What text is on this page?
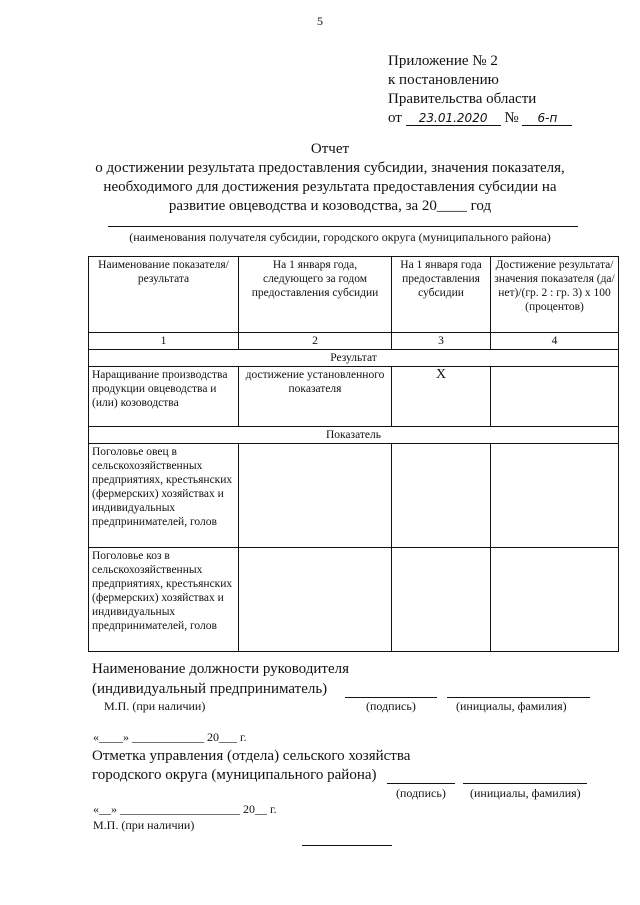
5
Приложение № 2
к постановлению
Правительства области
от 23.01.2020 № 6-п
Отчет
о достижении результата предоставления субсидии, значения показателя,
необходимого для достижения результата предоставления субсидии на
развитие овцеводства и козоводства, за 20____ год
(наименования получателя субсидии, городского округа (муниципального района)
Наименование показателя/результата	На 1 января года, следующего за годом предоставления субсидии	На 1 января года предоставления субсидии	Достижение результата/значения показателя (да/нет)/(гр. 2 : гр. 3) х 100 (процентов)
1	2	3	4
Результат			
Наращивание производства продукции овцеводства и (или) козоводства	достижение установленного показателя	Х	
Показатель			
Поголовье овец в сельскохозяйственных предприятиях, крестьянских (фермерских) хозяйствах и индивидуальных предпринимателей, голов			
Поголовье коз в сельскохозяйственных предприятиях, крестьянских (фермерских) хозяйствах и индивидуальных предпринимателей, голов			
Наименование должности руководителя
(индивидуальный предприниматель)
М.П. (при наличии)	(подпись)	(инициалы, фамилия)
«____» ____________ 20___ г.
Отметка управления (отдела) сельского хозяйства
городского округа (муниципального района)
(подпись) (инициалы, фамилия)
«__» ____________________ 20__ г.
М.П. (при наличии)
